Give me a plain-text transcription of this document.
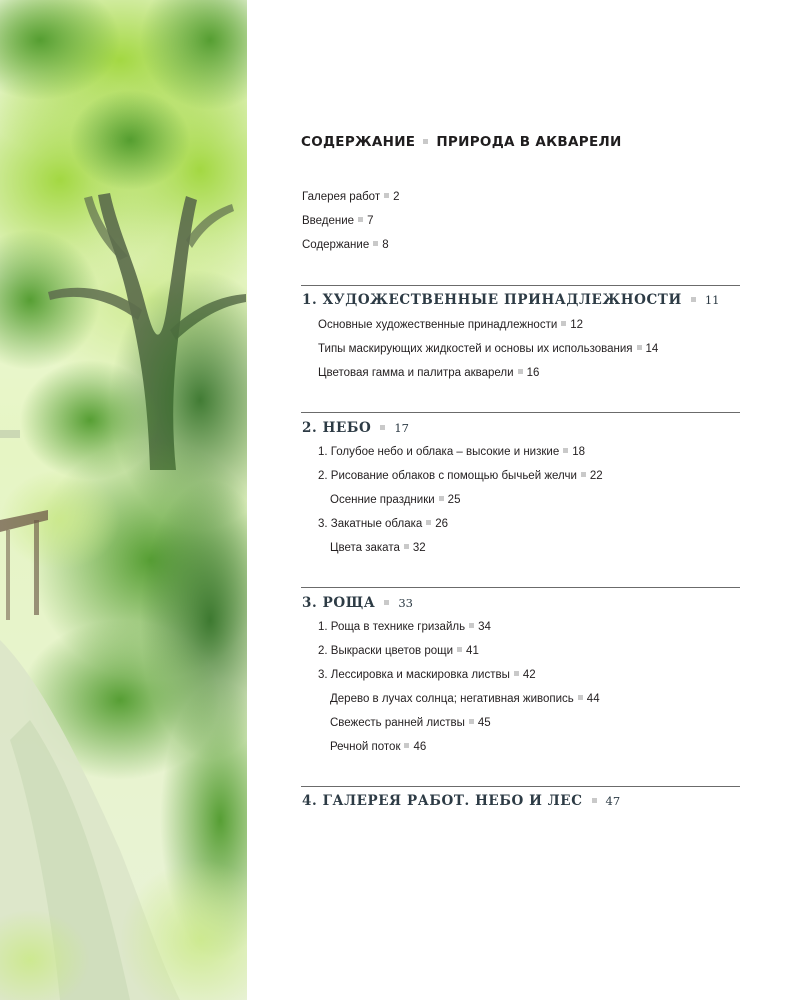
СОДЕРЖАНИЕ ПРИРОДА В АКВАРЕЛИ
Галерея работ 2
Введение 7
Содержание 8
1. ХУДОЖЕСТВЕННЫЕ ПРИНАДЛЕЖНОСТИ 11
Основные художественные принадлежности 12
Типы маскирующих жидкостей и основы их использования 14
Цветовая гамма и палитра акварели 16
2. НЕБО 17
1. Голубое небо и облака – высокие и низкие 18
2. Рисование облаков с помощью бычьей желчи 22
Осенние праздники 25
3. Закатные облака 26
Цвета заката 32
3. РОЩА 33
1. Роща в технике гризайль 34
2. Выкраски цветов рощи 41
3. Лессировка и маскировка листвы 42
Дерево в лучах солнца; негативная живопись 44
Свежесть ранней листвы 45
Речной поток 46
4. ГАЛЕРЕЯ РАБОТ. НЕБО И ЛЕС 47
